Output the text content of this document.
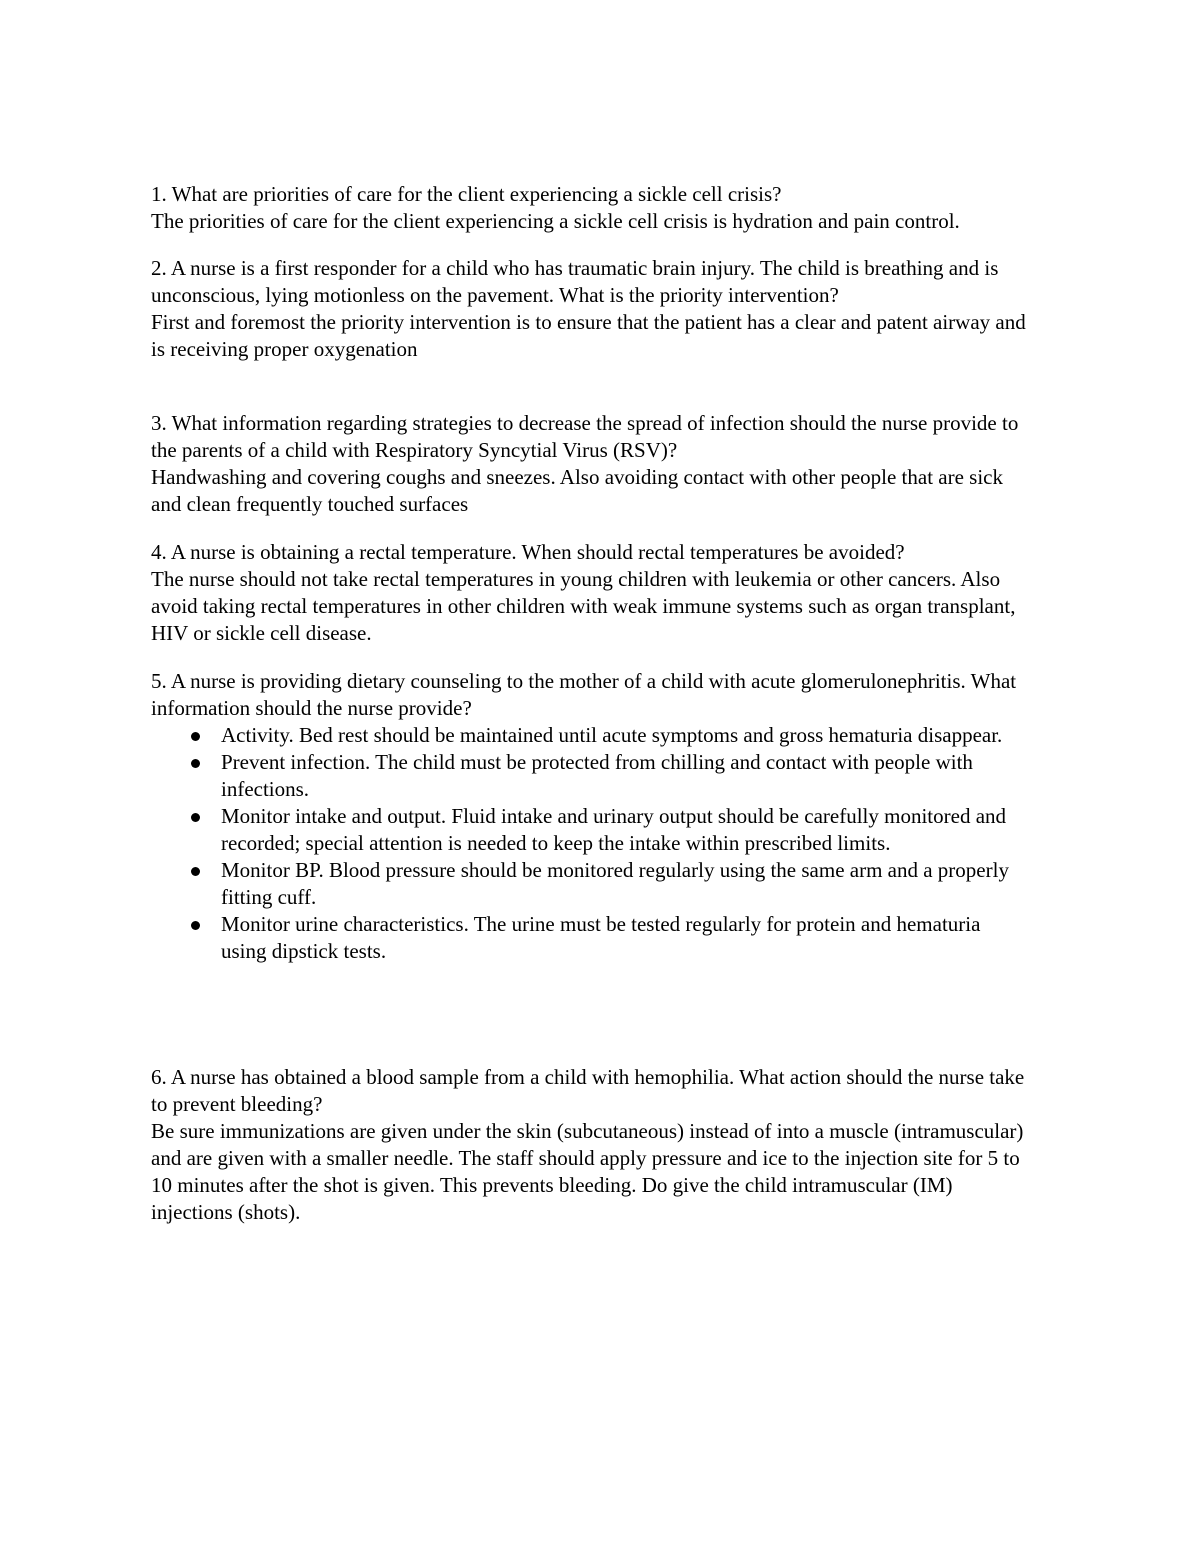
1. What are priorities of care for the client experiencing a sickle cell crisis?

The priorities of care for the client experiencing a sickle cell crisis is hydration and pain control.

2. A nurse is a first responder for a child who has traumatic brain injury. The child is breathing and is unconscious, lying motionless on the pavement. What is the priority intervention?

First and foremost the priority intervention is to ensure that the patient has a clear and patent airway and is receiving proper oxygenation

3. What information regarding strategies to decrease the spread of infection should the nurse provide to the parents of a child with Respiratory Syncytial Virus (RSV)?

Handwashing and covering coughs and sneezes. Also avoiding contact with other people that are sick and clean frequently touched surfaces

4. A nurse is obtaining a rectal temperature. When should rectal temperatures be avoided?

The nurse should not take rectal temperatures in young children with leukemia or other cancers. Also avoid taking rectal temperatures in other children with weak immune systems such as organ transplant, HIV or sickle cell disease.

5. A nurse is providing dietary counseling to the mother of a child with acute glomerulonephritis. What information should the nurse provide?

Activity. Bed rest should be maintained until acute symptoms and gross hematuria disappear.
Prevent infection. The child must be protected from chilling and contact with people with infections.
Monitor intake and output. Fluid intake and urinary output should be carefully monitored and recorded; special attention is needed to keep the intake within prescribed limits.
Monitor BP. Blood pressure should be monitored regularly using the same arm and a properly fitting cuff.
Monitor urine characteristics. The urine must be tested regularly for protein and hematuria using dipstick tests.

6. A nurse has obtained a blood sample from a child with hemophilia. What action should the nurse take to prevent bleeding?

Be sure immunizations are given under the skin (subcutaneous) instead of into a muscle (intramuscular) and are given with a smaller needle. The staff should apply pressure and ice to the injection site for 5 to 10 minutes after the shot is given. This prevents bleeding. Do give the child intramuscular (IM) injections (shots).
